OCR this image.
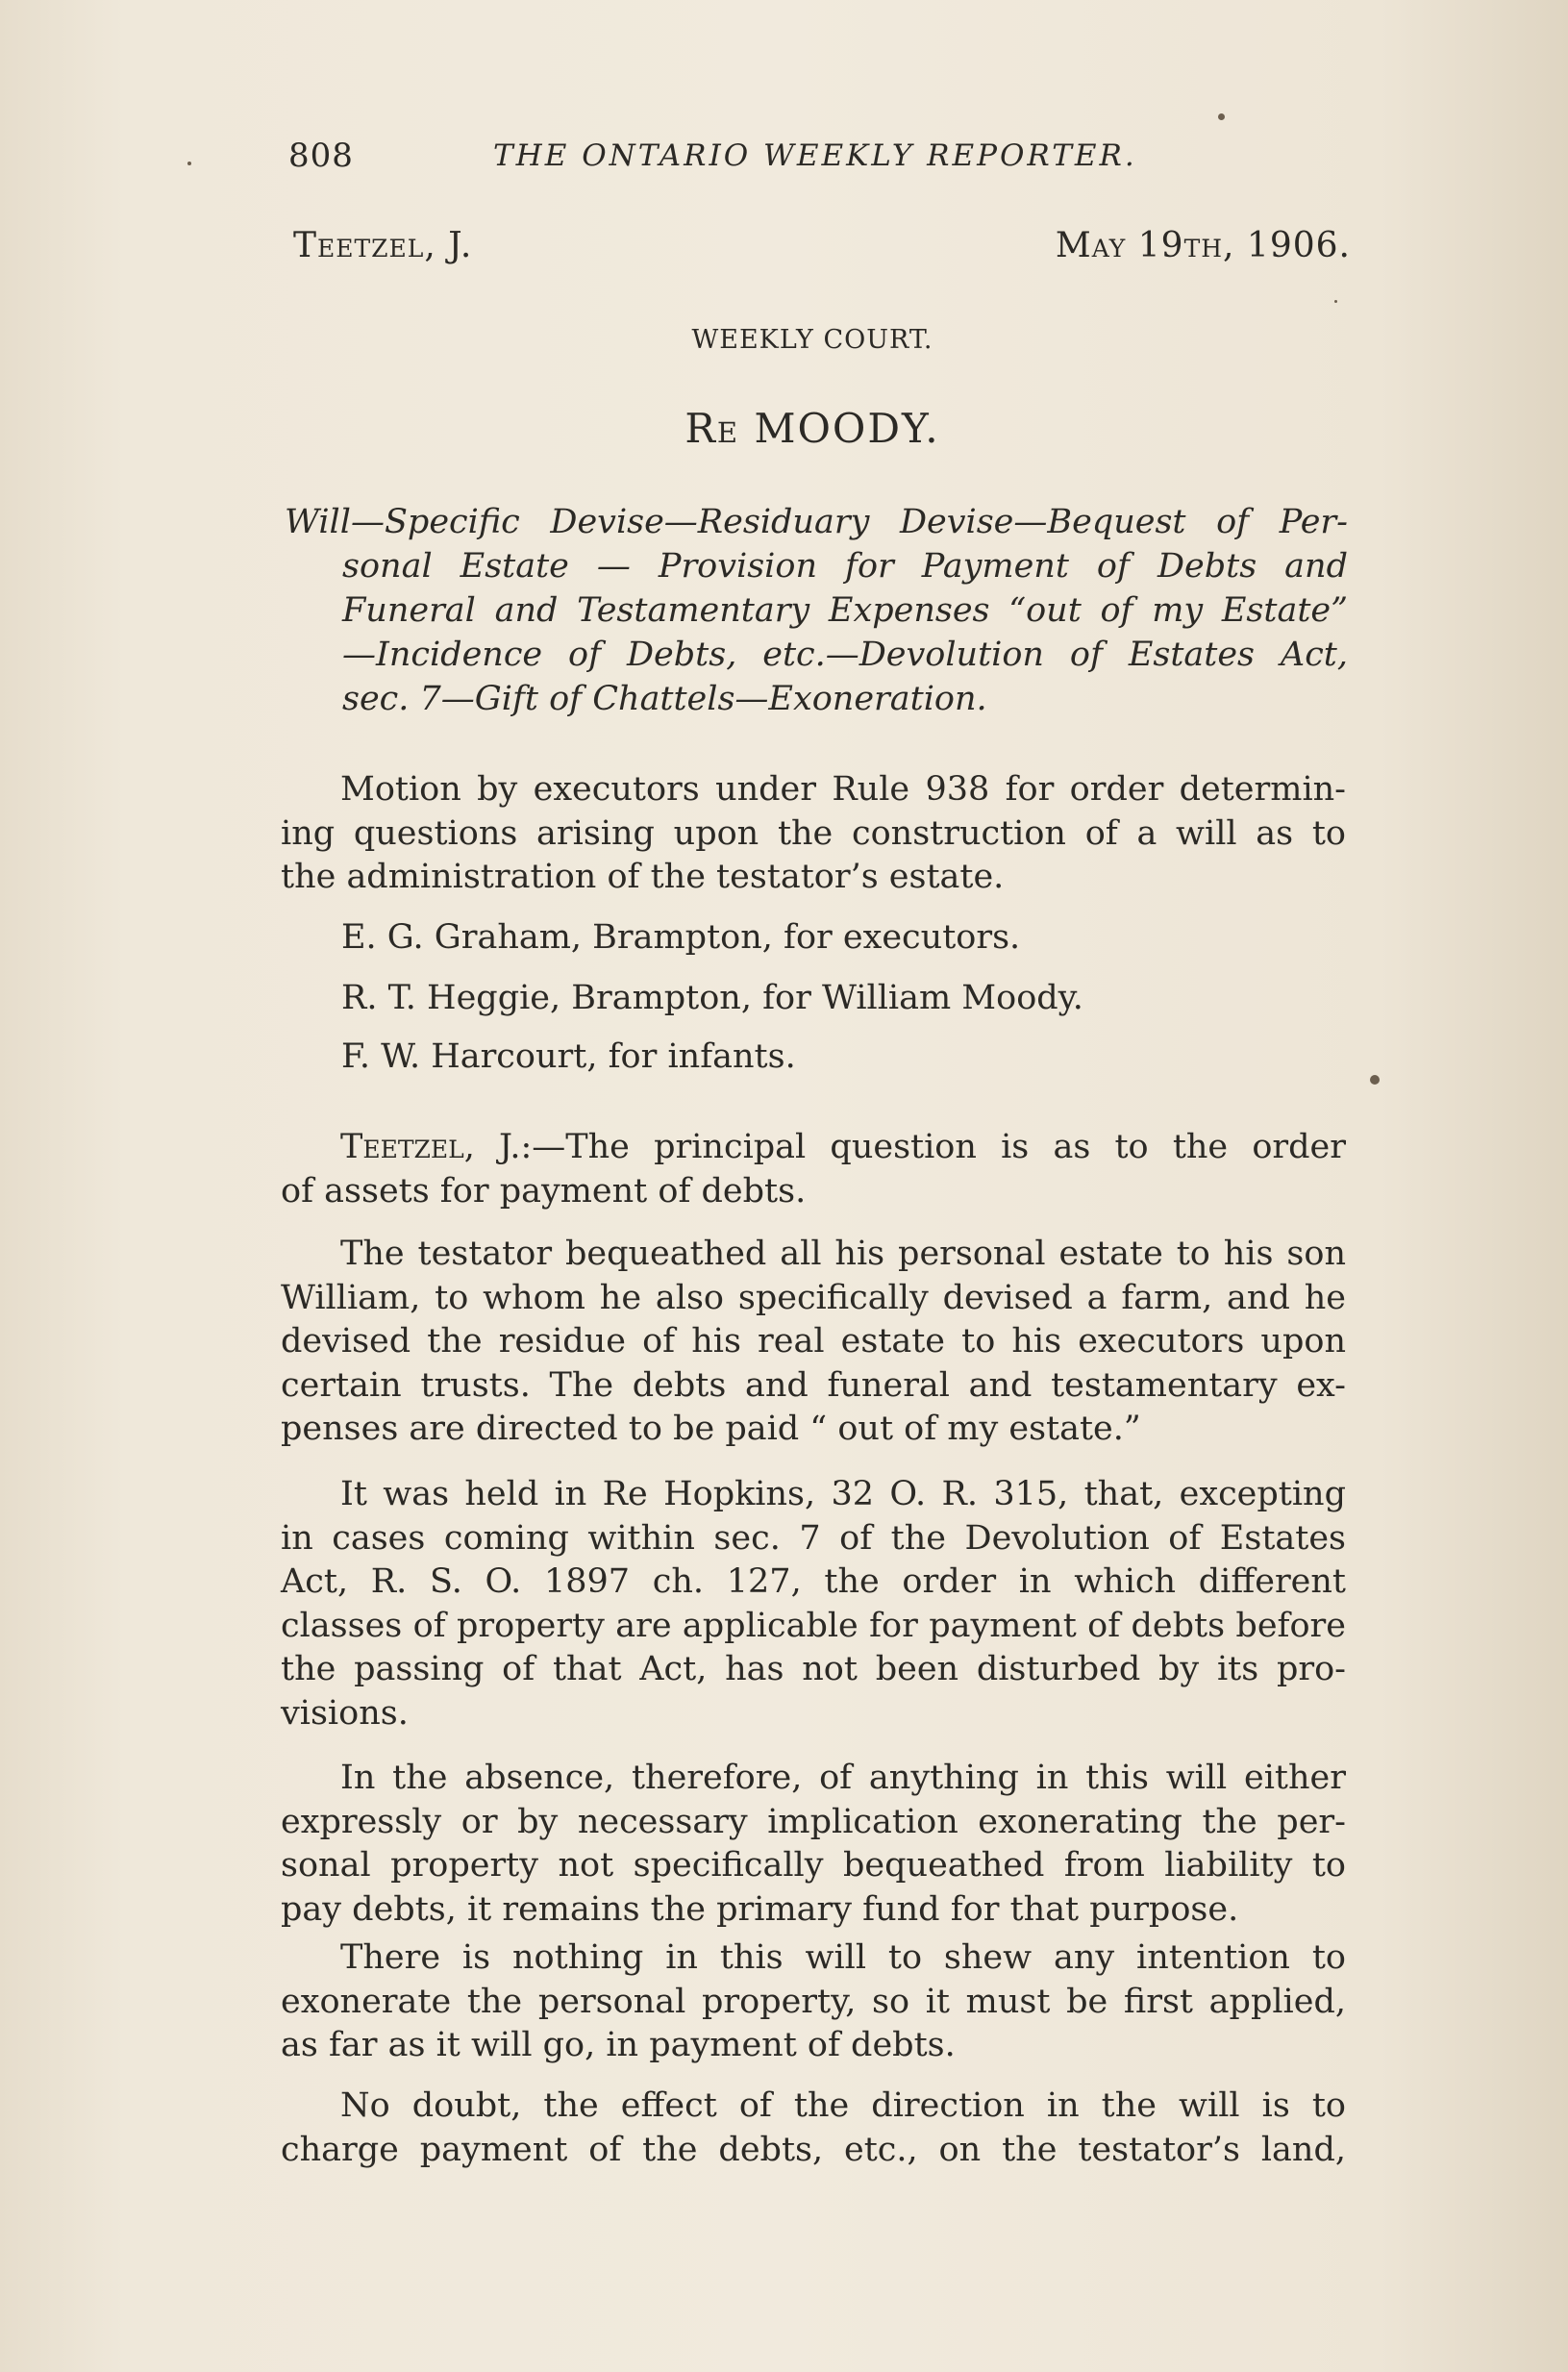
808	THE ONTARIO WEEKLY REPORTER.
Teetzel, J.	May 19th, 1906.
WEEKLY COURT.
Re MOODY.
Will—Specific Devise—Residuary Devise—Bequest of Per-
sonal Estate — Provision for Payment of Debts and
Funeral and Testamentary Expenses “out of my Estate”
—Incidence of Debts, etc.—Devolution of Estates Act,
sec. 7—Gift of Chattels—Exoneration.
Motion by executors under Rule 938 for order determin-
ing questions arising upon the construction of a will as to
the administration of the testator’s estate.
E. G. Graham, Brampton, for executors.
R. T. Heggie, Brampton, for William Moody.
F. W. Harcourt, for infants.
Teetzel, J.:—The principal question is as to the order
of assets for payment of debts.
The testator bequeathed all his personal estate to his son
William, to whom he also specifically devised a farm, and he
devised the residue of his real estate to his executors upon
certain trusts. The debts and funeral and testamentary ex-
penses are directed to be paid “ out of my estate.”
It was held in Re Hopkins, 32 O. R. 315, that, excepting
in cases coming within sec. 7 of the Devolution of Estates
Act, R. S. O. 1897 ch. 127, the order in which different
classes of property are applicable for payment of debts before
the passing of that Act, has not been disturbed by its pro-
visions.
In the absence, therefore, of anything in this will either
expressly or by necessary implication exonerating the per-
sonal property not specifically bequeathed from liability to
pay debts, it remains the primary fund for that purpose.
There is nothing in this will to shew any intention to
exonerate the personal property, so it must be first applied,
as far as it will go, in payment of debts.
No doubt, the effect of the direction in the will is to
charge payment of the debts, etc., on the testator’s land,
